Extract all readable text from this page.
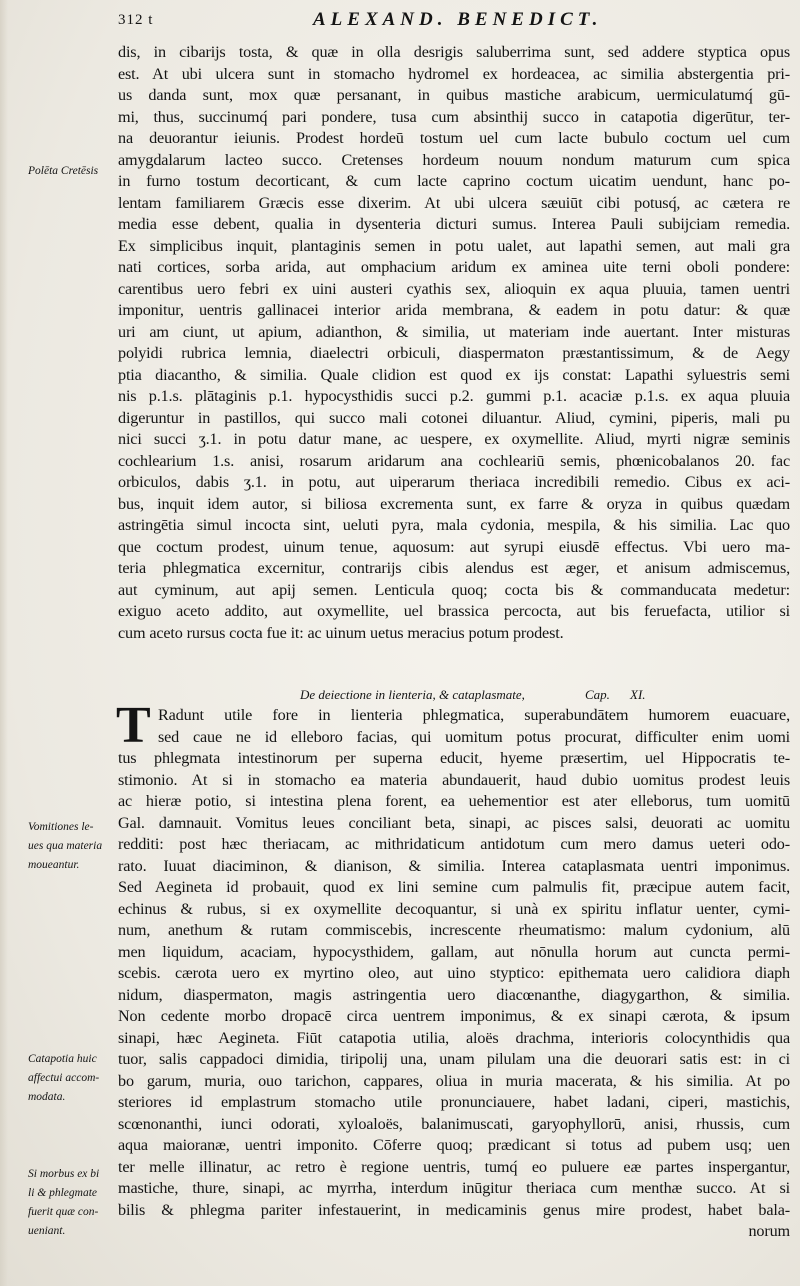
312 t	ALEXAND. BENEDICT.
dis, in cibarijs tosta, & quæ in olla desrigis saluberrima sunt, sed addere styptica opus
est. At ubi ulcera sunt in stomacho hydromel ex hordeacea, ac similia abstergentia pri-
us danda sunt, mox quæ persanant, in quibus mastiche arabicum, uermiculatumq́ gū-
mi, thus, succinumq́ pari pondere, tusa cum absinthij succo in catapotia digerūtur, ter-
na deuorantur ieiunis. Prodest hordeū tostum uel cum lacte bubulo coctum uel cum
amygdalarum lacteo succo. Cretenses hordeum nouum nondum maturum cum spica
in furno tostum decorticant, & cum lacte caprino coctum uicatim uendunt, hanc po-
lentam familiarem Græcis esse dixerim. At ubi ulcera sæuiūt cibi potusq́, ac cætera re
media esse debent, qualia in dysenteria dicturi sumus. Interea Pauli subijciam remedia.
Ex simplicibus inquit, plantaginis semen in potu ualet, aut lapathi semen, aut mali gra
nati cortices, sorba arida, aut omphacium aridum ex aminea uite terni oboli pondere:
carentibus uero febri ex uini austeri cyathis sex, alioquin ex aqua pluuia, tamen uentri
imponitur, uentris gallinacei interior arida membrana, & eadem in potu datur: & quæ
uri am ciunt, ut apium, adianthon, & similia, ut materiam inde auertant. Inter misturas
polyidi rubrica lemnia, diaelectri orbiculi, diaspermaton præstantissimum, & de Aegy
ptia diacantho, & similia. Quale clidion est quod ex ijs constat: Lapathi syluestris semi
nis p.1.s. plātaginis p.1. hypocysthidis succi p.2. gummi p.1. acaciæ p.1.s. ex aqua pluuia
digeruntur in pastillos, qui succo mali cotonei diluantur. Aliud, cymini, piperis, mali pu
nici succi ʒ.1. in potu datur mane, ac uespere, ex oxymellite. Aliud, myrti nigræ seminis
cochlearium 1.s. anisi, rosarum aridarum ana cochleariū semis, phœnicobalanos 20. fac
orbiculos, dabis ʒ.1. in potu, aut uiperarum theriaca incredibili remedio. Cibus ex aci-
bus, inquit idem autor, si biliosa excrementa sunt, ex farre & oryza in quibus quædam
astringētia simul incocta sint, ueluti pyra, mala cydonia, mespila, & his similia. Lac quo
que coctum prodest, uinum tenue, aquosum: aut syrupi eiusdē effectus. Vbi uero ma-
teria phlegmatica excernitur, contrarijs cibis alendus est æger, et anisum admiscemus,
aut cyminum, aut apij semen. Lenticula quoq; cocta bis & commanducata medetur:
exiguo aceto addito, aut oxymellite, uel brassica percocta, aut bis feruefacta, utilior si
cum aceto rursus cocta fue it: ac uinum uetus meracius potum prodest.
De deiectione in lienteria, & cataplasmate,	Cap. XI.
T Radunt utile fore in lienteria phlegmatica, superabundātem humorem euacuare,
sed caue ne id elleboro facias, qui uomitum potus procurat, difficulter enim uomi
tus phlegmata intestinorum per superna educit, hyeme præsertim, uel Hippocratis te-
stimonio. At si in stomacho ea materia abundauerit, haud dubio uomitus prodest leuis
ac hieræ potio, si intestina plena forent, ea uehementior est ater elleborus, tum uomitū
Gal. damnauit. Vomitus leues conciliant beta, sinapi, ac pisces salsi, deuorati ac uomitu
redditi: post hæc theriacam, ac mithridaticum antidotum cum mero damus ueteri odo-
rato. Iuuat diaciminon, & dianison, & similia. Interea cataplasmata uentri imponimus.
Sed Aegineta id probauit, quod ex lini semine cum palmulis fit, præcipue autem facit,
echinus & rubus, si ex oxymellite decoquantur, si unà ex spiritu inflatur uenter, cymi-
num, anethum & rutam commiscebis, increscente rheumatismo: malum cydonium, alū
men liquidum, acaciam, hypocysthidem, gallam, aut nōnulla horum aut cuncta permi-
scebis. cærota uero ex myrtino oleo, aut uino styptico: epithemata uero calidiora diaph
nidum, diaspermaton, magis astringentia uero diacœnanthe, diagygarthon, & similia.
Non cedente morbo dropacē circa uentrem imponimus, & ex sinapi cærota, & ipsum
sinapi, hæc Aegineta. Fiūt catapotia utilia, aloës drachma, interioris colocynthidis qua
tuor, salis cappadoci dimidia, tiripolij una, unam pilulam una die deuorari satis est: in ci
bo garum, muria, ouo tarichon, cappares, oliua in muria macerata, & his similia. At po
steriores id emplastrum stomacho utile pronunciauere, habet ladani, ciperi, mastichis,
scœnonanthi, iunci odorati, xyloaloës, balanimuscati, garyophyllorū, anisi, rhussis, cum
aqua maioranæ, uentri imponito. Cōferre quoq; prædicant si totus ad pubem usq; uen
ter melle illinatur, ac retro è regione uentris, tumq́ eo puluere eæ partes inspergantur,
mastiche, thure, sinapi, ac myrrha, interdum inūgitur theriaca cum menthæ succo. At si
bilis & phlegma pariter infestauerint, in medicaminis genus mire prodest, habet bala-
norum
Polēta Cretēsis
Vomitiones le-
ues qua materia
moueantur.
Catapotia huic
affectui accom-
modata.
Si morbus ex bi
li & phlegmate
fuerit quæ con-
ueniant.
